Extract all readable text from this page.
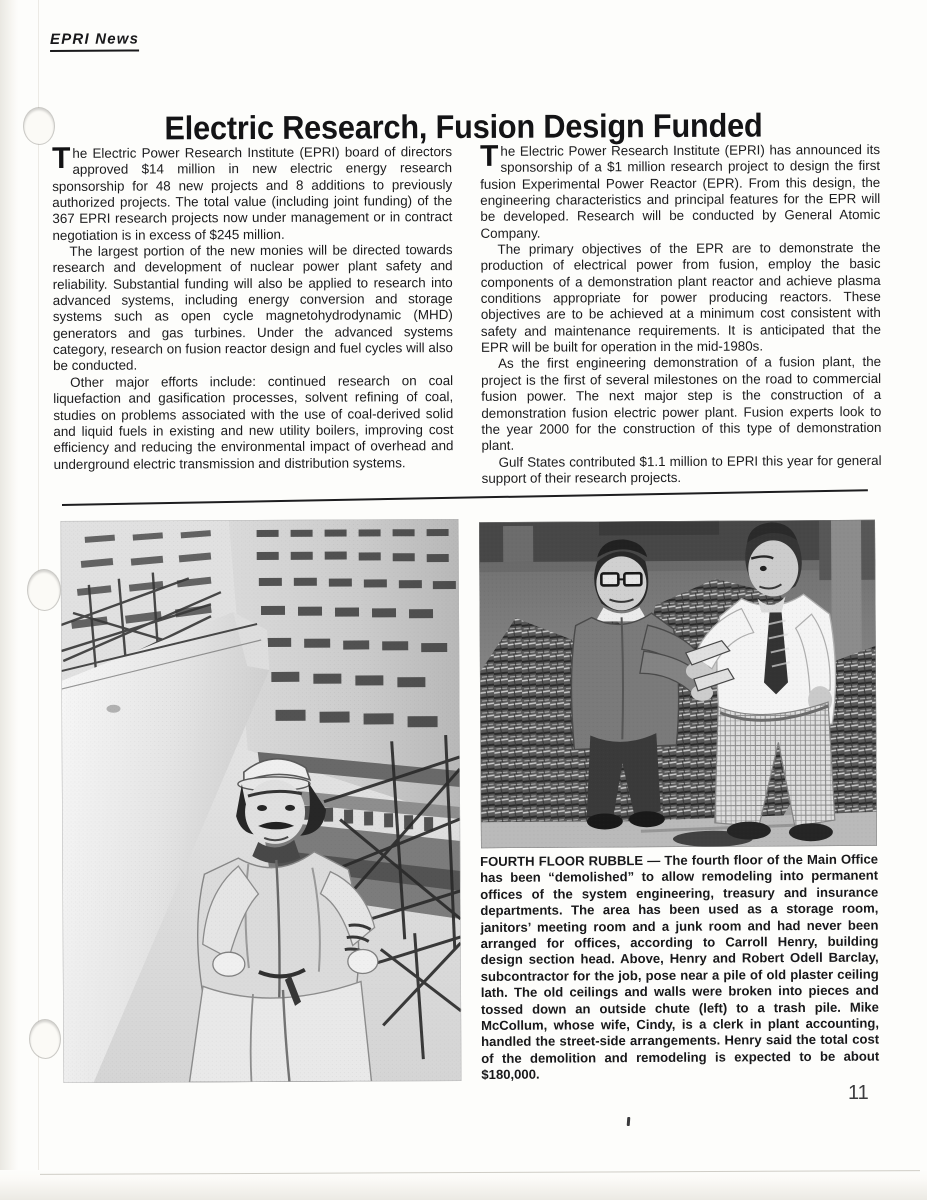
EPRI News
Electric Research, Fusion Design Funded

The Electric Power Research Institute (EPRI) board of directors approved $14 million in new electric energy research sponsorship for 48 new projects and 8 additions to previously authorized projects. The total value (including joint funding) of the 367 EPRI research projects now under management or in contract negotiation is in excess of $245 million.

The largest portion of the new monies will be directed towards research and development of nuclear power plant safety and reliability. Substantial funding will also be applied to research into advanced systems, including energy conversion and storage systems such as open cycle magnetohydrodynamic (MHD) generators and gas turbines. Under the advanced systems category, research on fusion reactor design and fuel cycles will also be conducted.

Other major efforts include: continued research on coal liquefaction and gasification processes, solvent refining of coal, studies on problems associated with the use of coal-derived solid and liquid fuels in existing and new utility boilers, improving cost efficiency and reducing the environmental impact of overhead and underground electric transmission and distribution systems.

The Electric Power Research Institute (EPRI) has announced its sponsorship of a $1 million research project to design the first fusion Experimental Power Reactor (EPR). From this design, the engineering characteristics and principal features for the EPR will be developed. Research will be conducted by General Atomic Company.

The primary objectives of the EPR are to demonstrate the production of electrical power from fusion, employ the basic components of a demonstration plant reactor and achieve plasma conditions appropriate for power producing reactors. These objectives are to be achieved at a minimum cost consistent with safety and maintenance requirements. It is anticipated that the EPR will be built for operation in the mid-1980s.

As the first engineering demonstration of a fusion plant, the project is the first of several milestones on the road to commercial fusion power. The next major step is the construction of a demonstration fusion electric power plant. Fusion experts look to the year 2000 for the construction of this type of demonstration plant.

Gulf States contributed $1.1 million to EPRI this year for general support of their research projects.

FOURTH FLOOR RUBBLE — The fourth floor of the Main Office has been “demolished” to allow remodeling into permanent offices of the system engineering, treasury and insurance departments. The area has been used as a storage room, janitors’ meeting room and a junk room and had never been arranged for offices, according to Carroll Henry, building design section head. Above, Henry and Robert Odell Barclay, subcontractor for the job, pose near a pile of old plaster ceiling lath. The old ceilings and walls were broken into pieces and tossed down an outside chute (left) to a trash pile. Mike McCollum, whose wife, Cindy, is a clerk in plant accounting, handled the street-side arrangements. Henry said the total cost of the demolition and remodeling is expected to be about $180,000.
11
